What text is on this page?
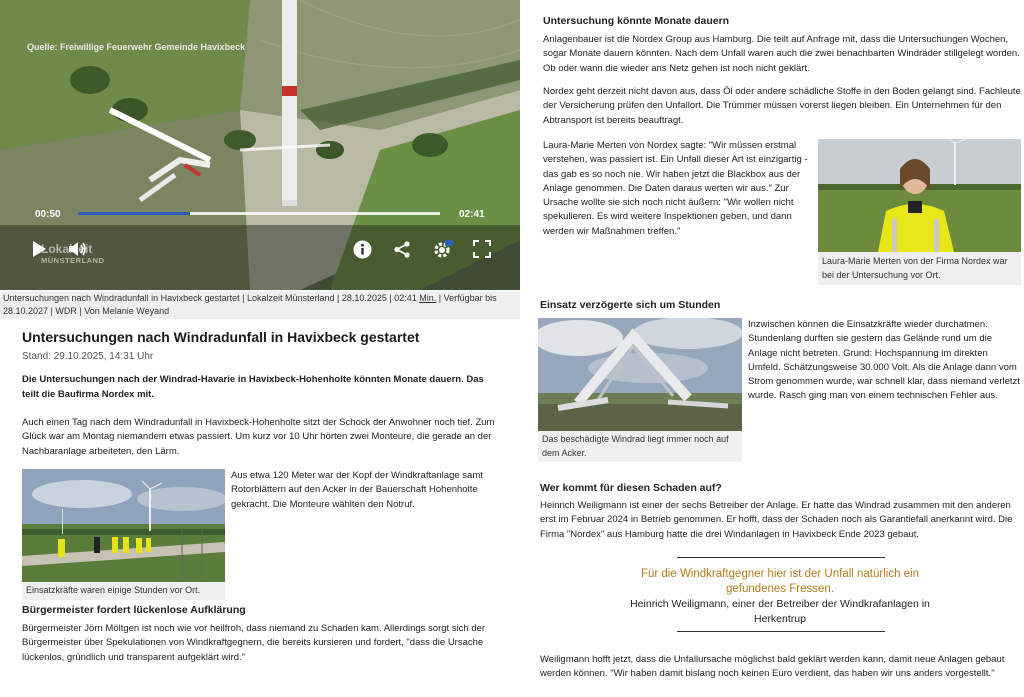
Quelle: Freiwillige Feuerwehr Gemeinde Havixbeck
00:50	02:41
Lokalzeit
MÜNSTERLAND
Untersuchungen nach Windradunfall in Havixbeck gestartet | Lokalzeit Münsterland | 28.10.2025 | 02:41 Min. | Verfügbar bis 28.10.2027 | WDR | Von Melanie Weyand
Untersuchungen nach Windradunfall in Havixbeck gestartet
Stand: 29.10.2025, 14:31 Uhr

Die Untersuchungen nach der Windrad-Havarie in Havixbeck-Hohenholte könnten Monate dauern. Das teilt die Baufirma Nordex mit.

Auch einen Tag nach dem Windradunfall in Havixbeck-Hohenholte sitzt der Schock der Anwohner noch tief. Zum Glück war am Montag niemandem etwas passiert. Um kurz vor 10 Uhr hörten zwei Monteure, die gerade an der Nachbaranlage arbeiteten, den Lärm.

Einsatzkräfte waren einige Stunden vor Ort.

Aus etwa 120 Meter war der Kopf der Windkraftanlage samt Rotorblättern auf den Acker in der Bauerschaft Hohenholte gekracht. Die Monteure wählten den Notruf.

Bürgermeister fordert lückenlose Aufklärung

Bürgermeister Jörn Möltgen ist noch wie vor heilfroh, dass niemand zu Schaden kam. Allerdings sorgt sich der Bürgermeister über Spekulationen von Windkraftgegnern, die bereits kursieren und fordert, "dass die Ursache lückenlos, gründlich und transparent aufgeklärt wird."

Untersuchung könnte Monate dauern

Anlagenbauer ist die Nordex Group aus Hamburg. Die teilt auf Anfrage mit, dass die Untersuchungen Wochen, sogar Monate dauern könnten. Nach dem Unfall waren auch die zwei benachbarten Windräder stillgelegt worden. Ob oder wann die wieder ans Netz gehen ist noch nicht geklärt.

Nordex geht derzeit nicht davon aus, dass Öl oder andere schädliche Stoffe in den Boden gelangt sind. Fachleute der Versicherung prüfen den Unfallort. Die Trümmer müssen vorerst liegen bleiben. Ein Unternehmen für den Abtransport ist bereits beauftragt.

Laura-Marie Merten von Nordex sagte: "Wir müssen erstmal verstehen, was passiert ist. Ein Unfall dieser Art ist einzigartig - das gab es so noch nie. Wir haben jetzt die Blackbox aus der Anlage genommen. Die Daten daraus werten wir aus." Zur Ursache wollte sie sich noch nicht äußern: "Wir wollen nicht spekulieren. Es wird weitere Inspektionen geben, und dann werden wir Maßnahmen treffen."

Laura-Marie Merten von der Firma Nordex war bei der Untersuchung vor Ort.
Einsatz verzögerte sich um Stunden
Das beschädigte Windrad liegt immer noch auf dem Acker.

Inzwischen können die Einsatzkräfte wieder durchatmen. Stundenlang durften sie gestern das Gelände rund um die Anlage nicht betreten. Grund: Hochspannung im direkten Umfeld. Schätzungsweise 30.000 Volt. Als die Anlage dann vom Strom genommen wurde, war schnell klar, dass niemand verletzt wurde. Rasch ging man von einem technischen Fehler aus.

Wer kommt für diesen Schaden auf?

Heinrich Weiligmann ist einer der sechs Betreiber der Anlage. Er hatte das Windrad zusammen mit den anderen erst im Februar 2024 in Betrieb genommen. Er hofft, dass der Schaden noch als Garantiefall anerkannt wird. Die Firma "Nordex" aus Hamburg hatte die drei Windanlagen in Havixbeck Ende 2023 gebaut.

Für die Windkraftgegner hier ist der Unfall natürlich ein gefundenes Fressen.
Heinrich Weiligmann, einer der Betreiber der Windkrafanlagen in Herkentrup

Weiligmann hofft jetzt, dass die Unfallursache möglichst bald geklärt werden kann, damit neue Anlagen gebaut werden können. "Wir haben damit bislang noch keinen Euro verdient, das haben wir uns anders vorgestellt."
